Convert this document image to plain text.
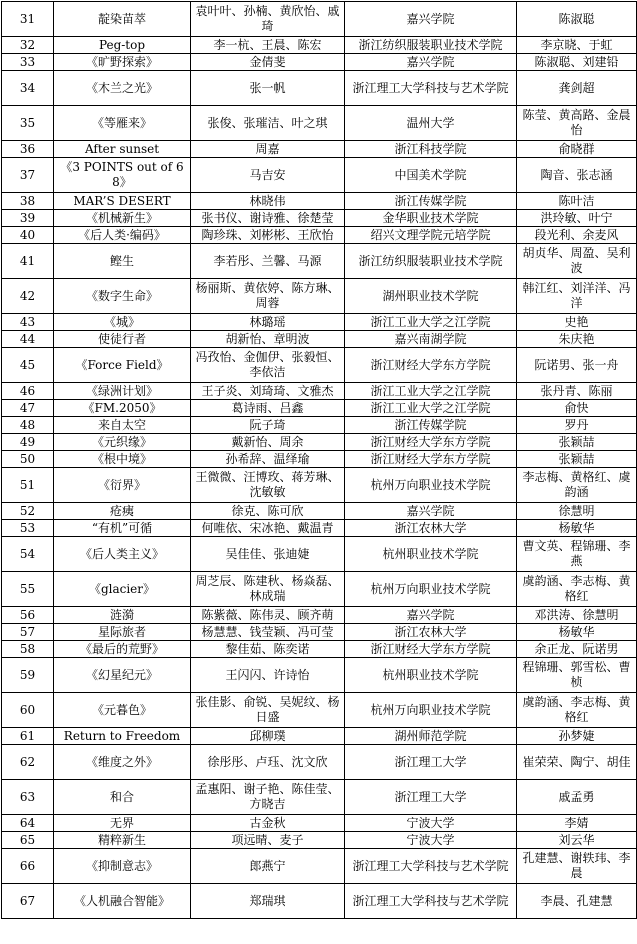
31	靛染苗萃	袁叶叶、孙楠、黄欣怡、戚琦	嘉兴学院	陈淑聪
32	Peg-top	李一杭、王晨、陈宏	浙江纺织服装职业技术学院	李京晓、于虹
33	《旷野探索》	金倩斐	嘉兴学院	陈淑聪、刘建铅
34	《木兰之光》	张一帆	浙江理工大学科技与艺术学院	龚剑超
35	《等雁来》	张俊、张璀洁、叶之琪	温州大学	陈莹、黄高路、金晨怡
36	After sunset	周嘉	浙江科技学院	俞晓群
37	《3 POINTS out of 68》	马吉安	中国美术学院	陶音、张志涵
38	MAR’S DESERT	林晓伟	浙江传媒学院	陈叶洁
39	《机械新生》	张书仪、谢诗雅、徐楚莹	金华职业技术学院	洪玲敏、叶宁
40	《后人类·编码》	陶珍珠、刘彬彬、王欣怡	绍兴文理学院元培学院	段光利、余麦风
41	鲣生	李若彤、兰馨、马源	浙江纺织服装职业技术学院	胡贞华、周盈、吴利波
42	《数字生命》	杨丽斯、黄依婷、陈方琳、周蓉	湖州职业技术学院	韩江红、刘洋洋、冯洋
43	《城》	林璐瑶	浙江工业大学之江学院	史艳
44	使徒行者	胡新怡、章明波	嘉兴南湖学院	朱庆艳
45	《Force Field》	冯孜怡、金伽伊、张毅恒、李依洁	浙江财经大学东方学院	阮诺男、张一舟
46	《绿洲计划》	王子炎、刘琦琦、文雅杰	浙江工业大学之江学院	张丹青、陈丽
47	《FM.2050》	葛诗雨、吕鑫	浙江工业大学之江学院	俞快
48	来自太空	阮子琦	浙江传媒学院	罗丹
49	《元织缘》	戴新怡、周余	浙江财经大学东方学院	张颖喆
50	《根中境》	孙希辞、温绎瑜	浙江财经大学东方学院	张颖喆
51	《衍界》	王微微、汪博玫、蒋芳琳、沈敏敏	杭州万向职业技术学院	李志梅、黄格红、虞韵涵
52	疮痍	徐克、陈可欣	嘉兴学院	徐慧明
53	“有机”可循	何唯依、宋冰艳、戴温青	浙江农林大学	杨敏华
54	《后人类主义》	吴佳佳、张迪婕	杭州职业技术学院	曹文英、程锦珊、李燕
55	《glacier》	周芝辰、陈建秋、杨焱磊、林成瑞	杭州万向职业技术学院	虞韵涵、李志梅、黄格红
56	涟漪	陈紫薇、陈伟灵、顾齐萌	嘉兴学院	邓洪涛、徐慧明
57	星际旅者	杨慧慧、钱莹颖、冯可莹	浙江农林大学	杨敏华
58	《最后的荒野》	黎佳茹、陈奕诺	浙江财经大学东方学院	余正龙、阮诺男
59	《幻星纪元》	王闪闪、许诗怡	杭州职业技术学院	程锦珊、郭雪松、曹桢
60	《元暮色》	张佳影、俞锐、吴妮纹、杨日盛	杭州万向职业技术学院	虞韵涵、李志梅、黄格红
61	Return to Freedom	邱柳璞	湖州师范学院	孙梦婕
62	《维度之外》	徐彤彤、卢珏、沈文欣	浙江理工大学	崔荣荣、陶宁、胡佳
63	和合	孟惠阳、谢子艳、陈佳莹、方晓吉	浙江理工大学	戚孟勇
64	无界	古金秋	宁波大学	李婧
65	精粹新生	项远晴、麦子	宁波大学	刘云华
66	《抑制意志》	郎燕宁	浙江理工大学科技与艺术学院	孔建慧、谢轶玮、李晨
67	《人机融合智能》	郑瑞琪	浙江理工大学科技与艺术学院	李晨、孔建慧
